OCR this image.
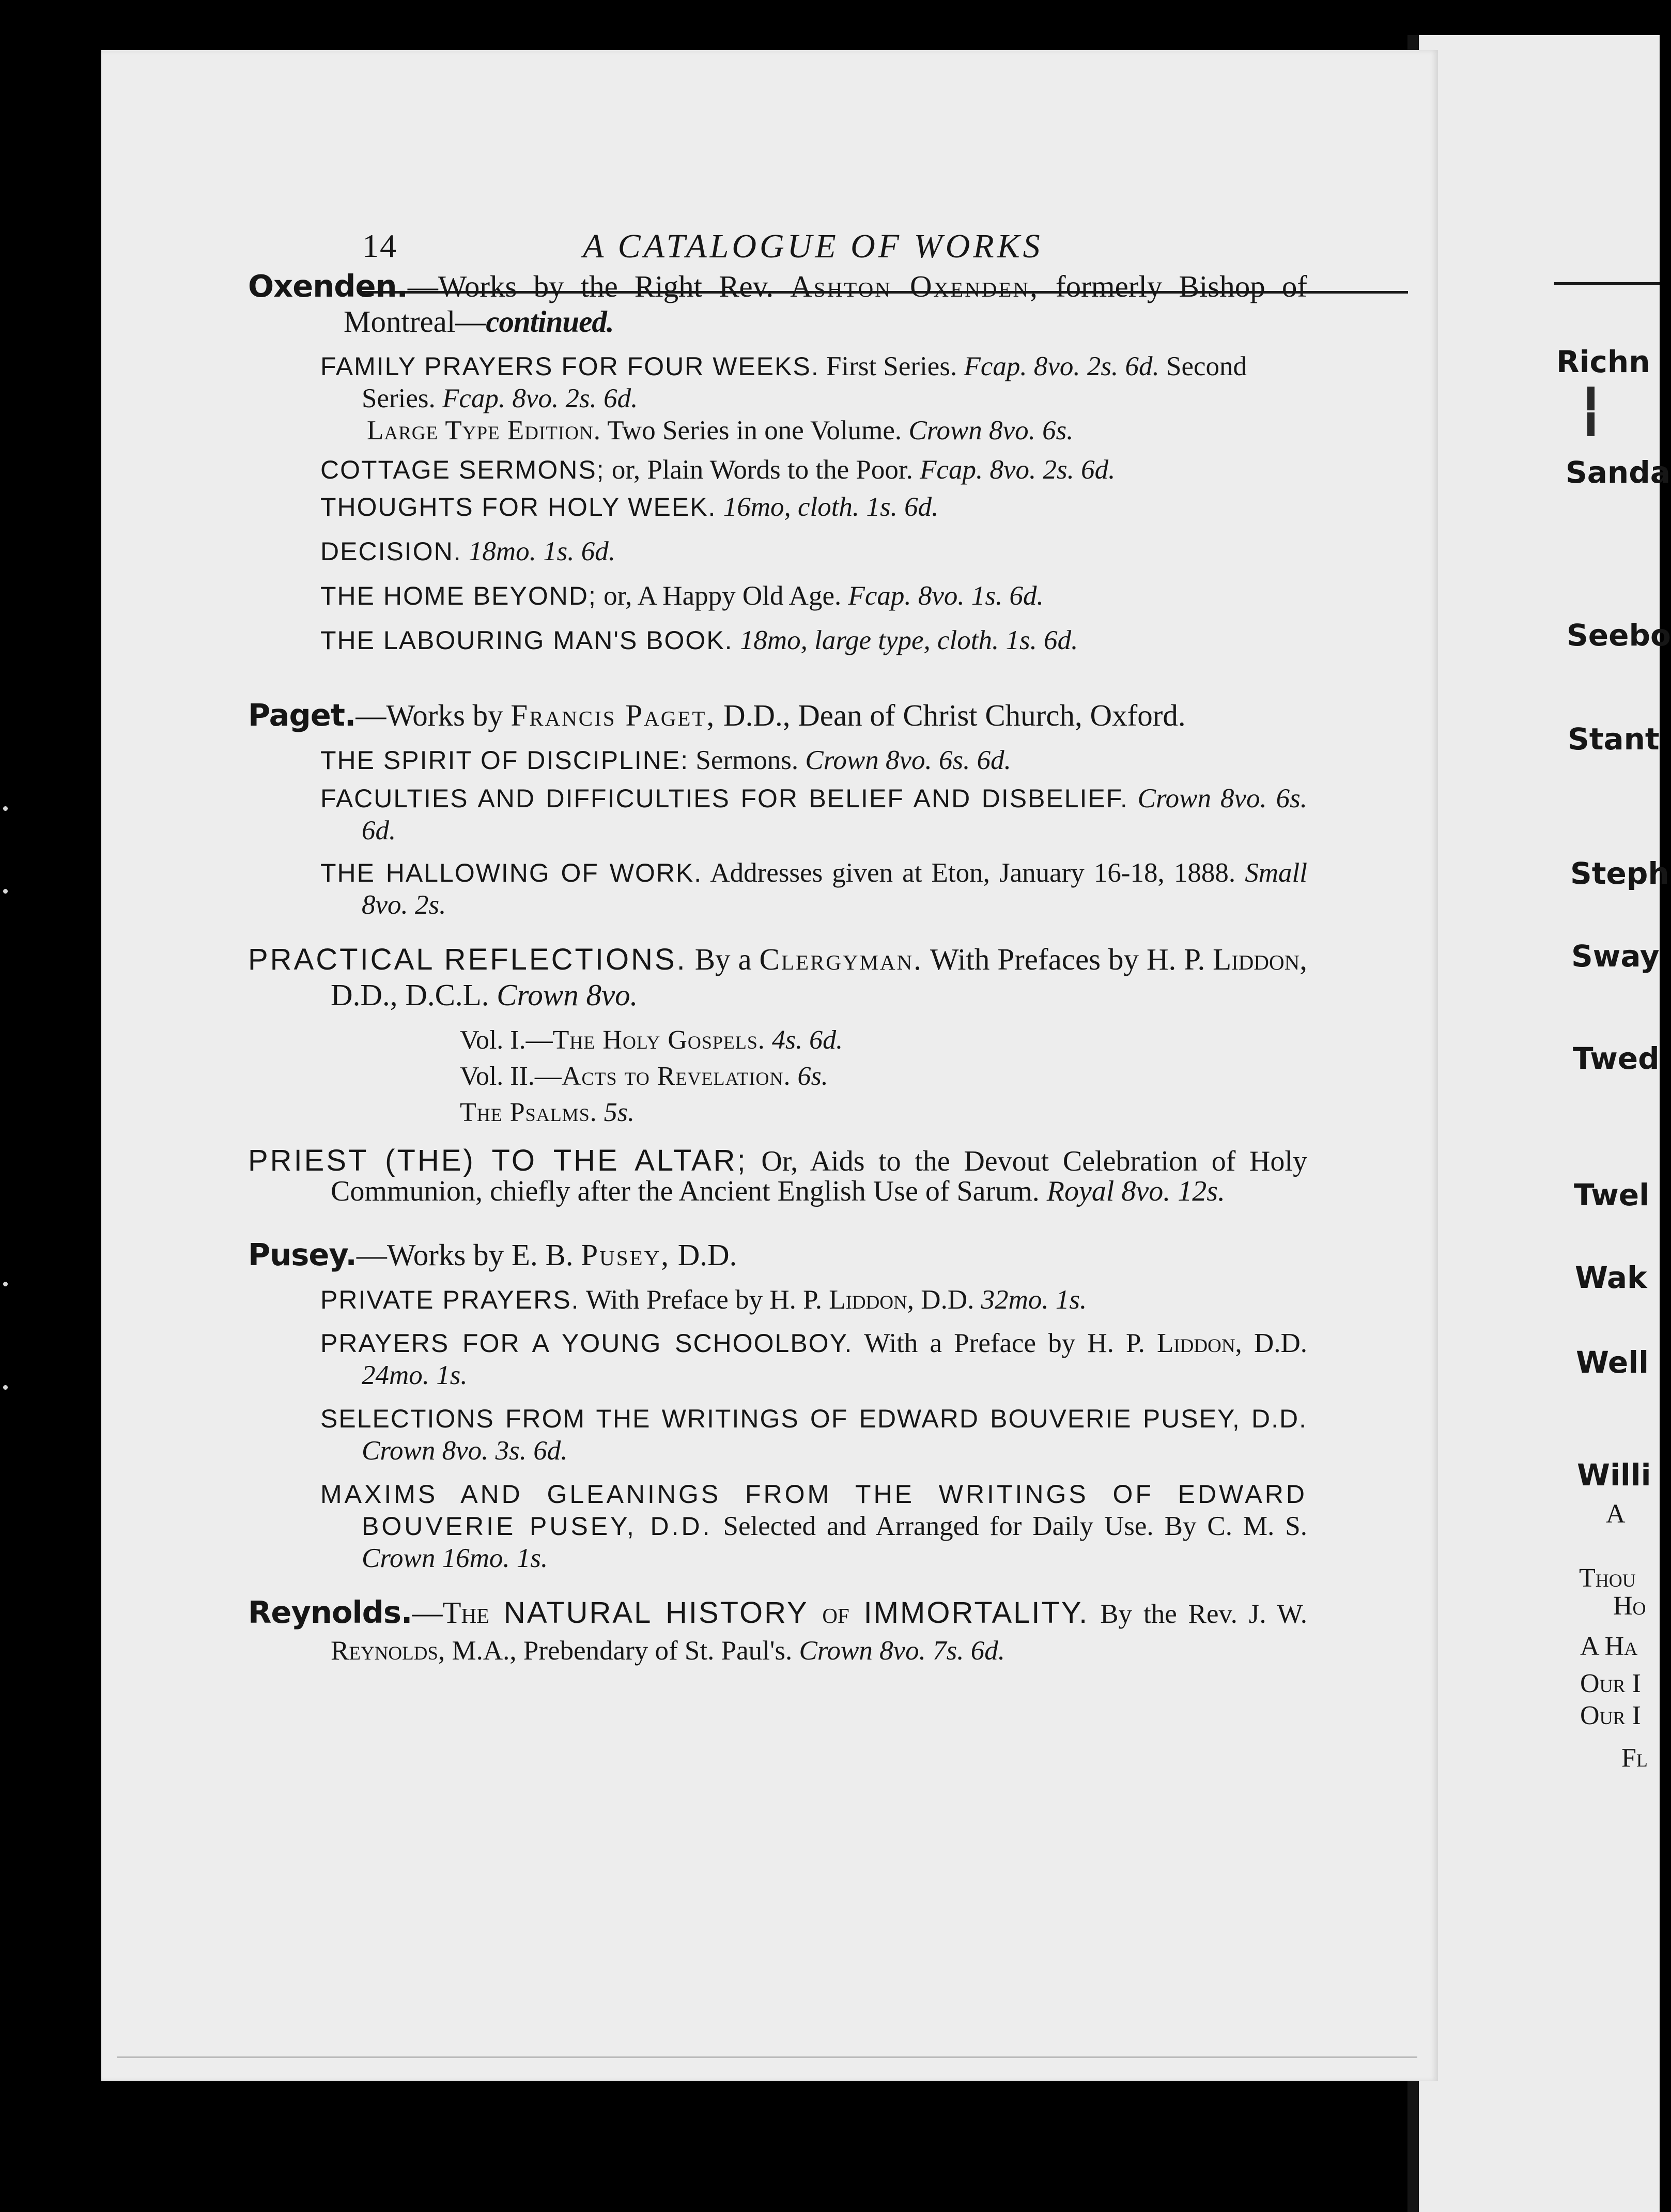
Richn
Sanda
Seebo
Stant
Steph
Sway
Twed
Twel
Wak
Well
Willi
A
Thou
Ho
A Ha
Our I
Our I
Fl
14	A CATALOGUE OF WORKS
Oxenden.—Works by the Right Rev. Ashton Oxenden, formerly Bishop of Montreal—continued.
FAMILY PRAYERS FOR FOUR WEEKS. First Series. Fcap. 8vo. 2s. 6d. Second Series. Fcap. 8vo. 2s. 6d.
Large Type Edition. Two Series in one Volume. Crown 8vo. 6s.
COTTAGE SERMONS; or, Plain Words to the Poor. Fcap. 8vo. 2s. 6d.
THOUGHTS FOR HOLY WEEK. 16mo, cloth. 1s. 6d.
DECISION. 18mo. 1s. 6d.
THE HOME BEYOND; or, A Happy Old Age. Fcap. 8vo. 1s. 6d.
THE LABOURING MAN'S BOOK. 18mo, large type, cloth. 1s. 6d.
Paget.—Works by Francis Paget, D.D., Dean of Christ Church, Oxford.
THE SPIRIT OF DISCIPLINE: Sermons. Crown 8vo. 6s. 6d.
FACULTIES AND DIFFICULTIES FOR BELIEF AND DISBELIEF. Crown 8vo. 6s. 6d.
THE HALLOWING OF WORK. Addresses given at Eton, January 16-18, 1888. Small 8vo. 2s.
PRACTICAL REFLECTIONS. By a Clergyman. With Prefaces by H. P. Liddon, D.D., D.C.L. Crown 8vo.
Vol. I.—The Holy Gospels. 4s. 6d.
Vol. II.—Acts to Revelation. 6s.
The Psalms. 5s.
PRIEST (THE) TO THE ALTAR; Or, Aids to the Devout Celebration of Holy Communion, chiefly after the Ancient English Use of Sarum. Royal 8vo. 12s.
Pusey.—Works by E. B. Pusey, D.D.
PRIVATE PRAYERS. With Preface by H. P. Liddon, D.D. 32mo. 1s.
PRAYERS FOR A YOUNG SCHOOLBOY. With a Preface by H. P. Liddon, D.D. 24mo. 1s.
SELECTIONS FROM THE WRITINGS OF EDWARD BOUVERIE PUSEY, D.D. Crown 8vo. 3s. 6d.
MAXIMS AND GLEANINGS FROM THE WRITINGS OF EDWARD BOUVERIE PUSEY, D.D. Selected and Arranged for Daily Use. By C. M. S. Crown 16mo. 1s.
Reynolds.—The NATURAL HISTORY of IMMORTALITY. By the Rev. J. W. Reynolds, M.A., Prebendary of St. Paul's. Crown 8vo. 7s. 6d.
